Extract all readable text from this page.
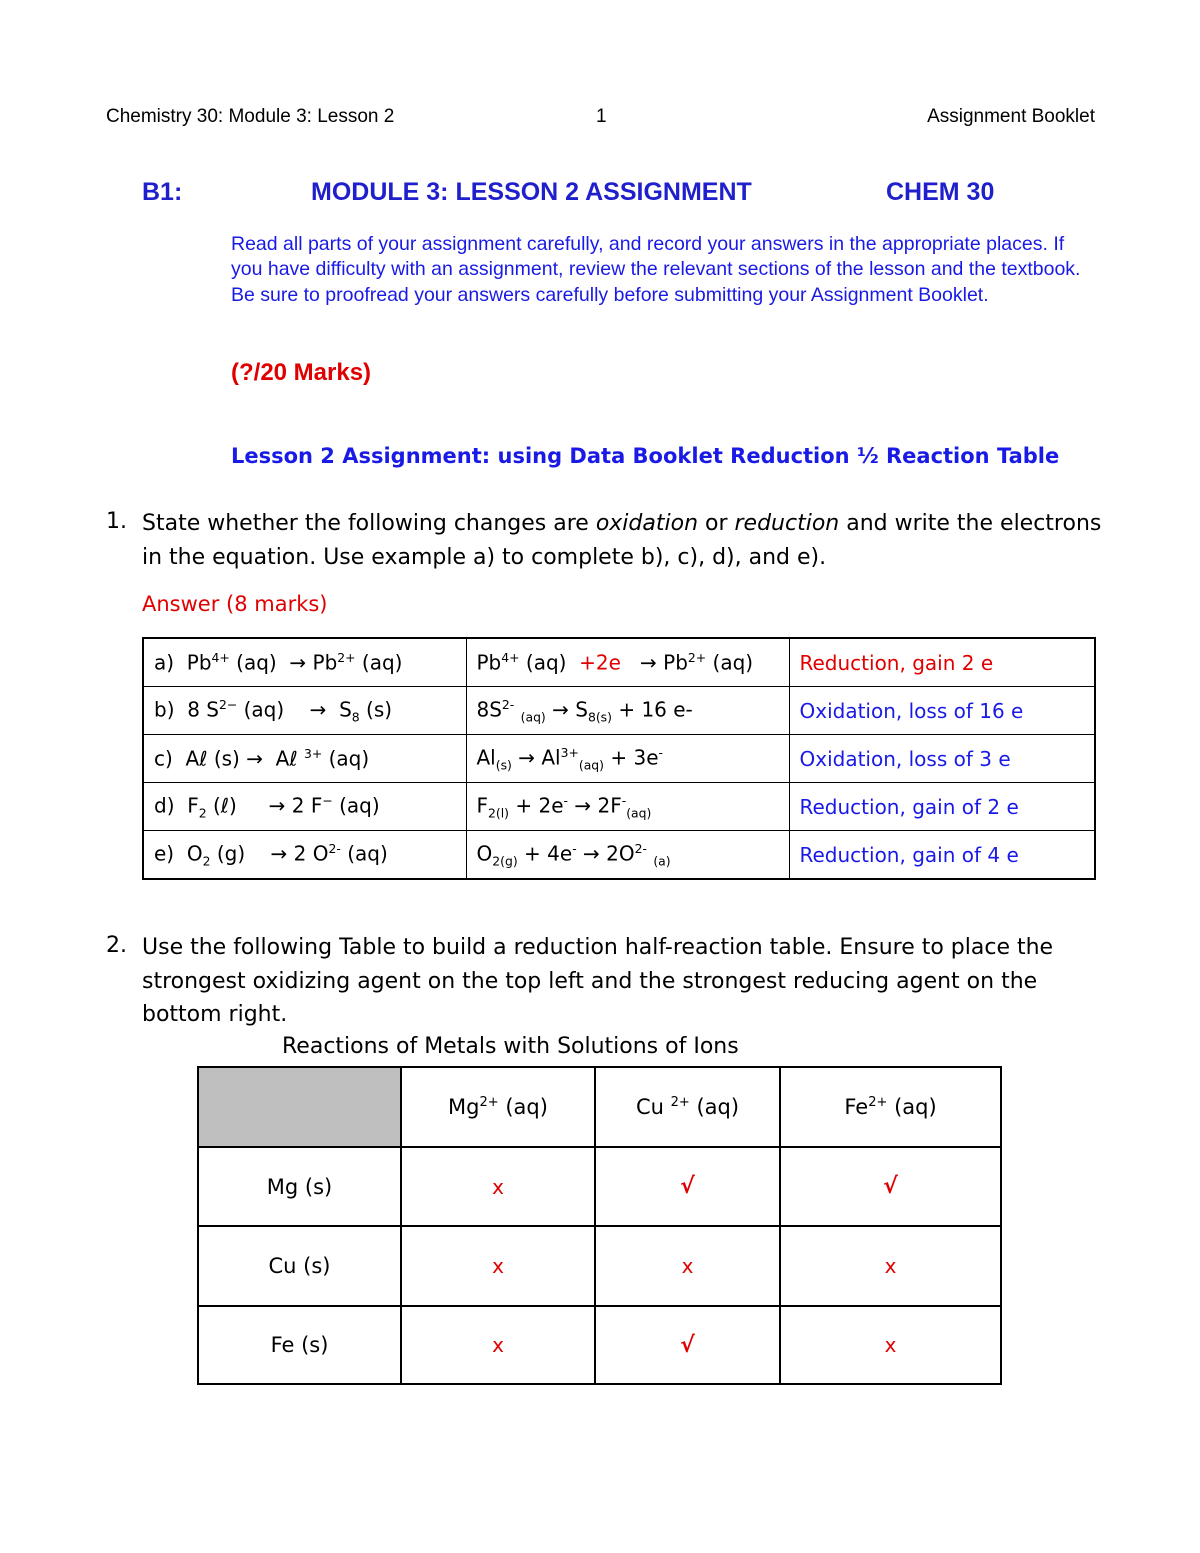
Chemistry 30: Module 3: Lesson 2	1	Assignment Booklet
B1:	MODULE 3: LESSON 2 ASSIGNMENT	CHEM 30
Read all parts of your assignment carefully, and record your answers in the appropriate places. If you have difficulty with an assignment, review the relevant sections of the lesson and the textbook. Be sure to proofread your answers carefully before submitting your Assignment Booklet.
(?/20 Marks)
Lesson 2 Assignment: using Data Booklet Reduction ½ Reaction Table
1. State whether the following changes are oxidation or reduction and write the electrons in the equation. Use example a) to complete b), c), d), and e).
Answer (8 marks)
a)  $Pb^{4+}$ $(aq) \to Pb^{2+}$ (aq)	$Pb^{4+}$ $(aq) +2e \to Pb^{2+}$ (aq)	Reduction, gain 2 e
b)  8 $S^{2-}$ (aq)    →  $S_8$ (s)	$8S^{2-}$ $_{(aq)} \to S_{8(s)} + 16$ e-	Oxidation, loss of 16 e
c)  Aℓ (s) →  Aℓ $^{3+}$ (aq)	$Al_{(s)} \to Al^{3+}_{(aq)} + 3e^-$	Oxidation, loss of 3 e
d)  $F_2$ (ℓ)     → 2 F− (aq)	$F_{2(l)} + 2e^- \to 2F^-_{(aq)}$	Reduction, gain of 2 e
e)  $O_2$ (g)    → 2 $O^{2-}$ (aq)	$O_{2(g)} + 4e^- \to 2O^{2-}$ $_{(a)}$	Reduction, gain of 4 e
2. Use the following Table to build a reduction half-reaction table. Ensure to place the strongest oxidizing agent on the top left and the strongest reducing agent on the bottom right.
Reactions of Metals with Solutions of Ions
	$Mg^{2+}$ (aq)	Cu $^{2+}$ (aq)	$Fe^{2+}$ (aq)
Mg (s)	x	√	√
Cu (s)	x	x	x
Fe (s)	x	√	x
